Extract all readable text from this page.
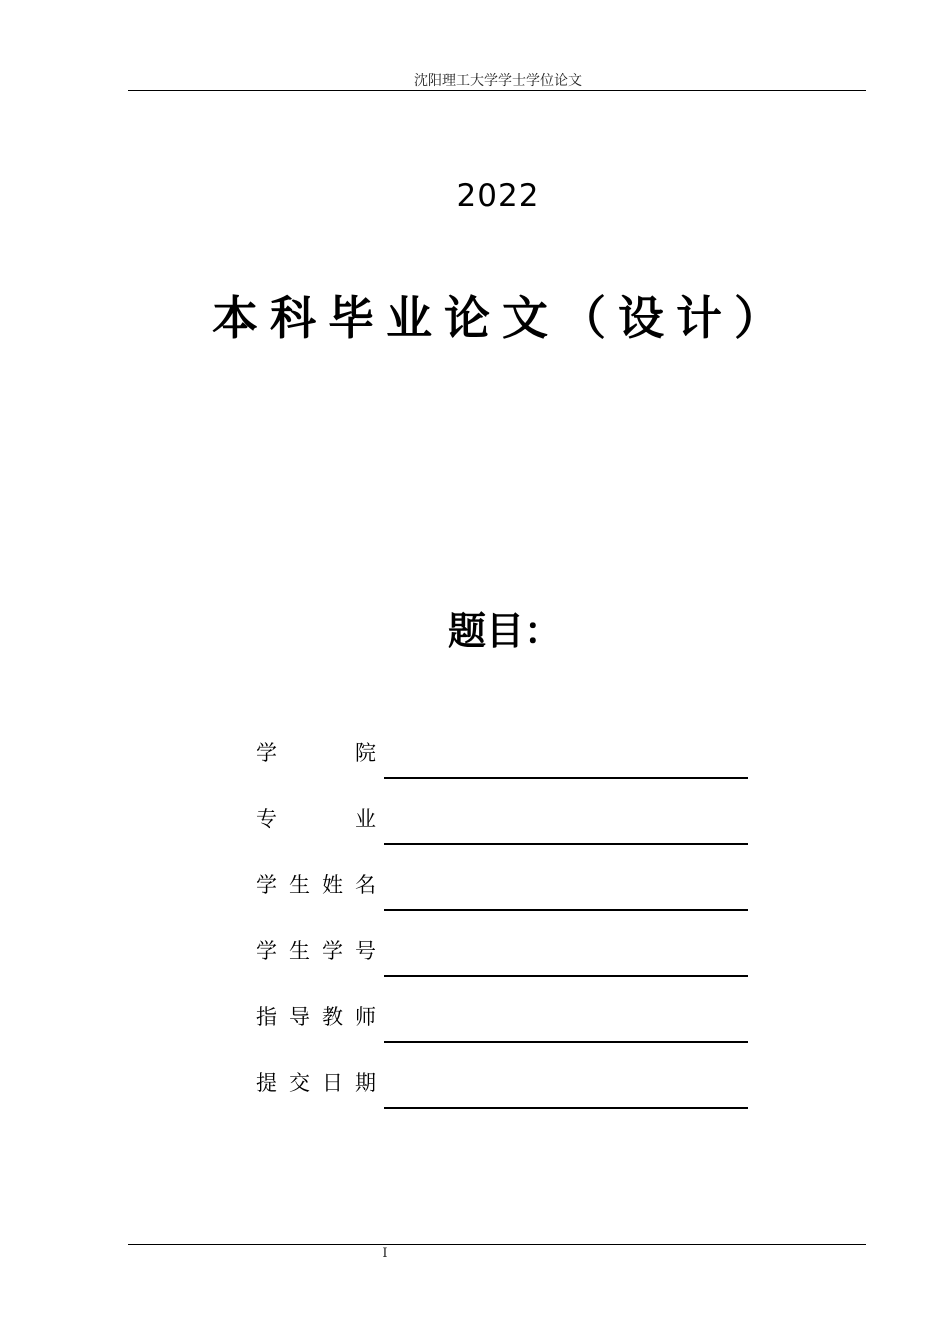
沈阳理工大学学士学位论文
2022
本科毕业论文（设计）
题目：
学	院
专	业
学 生 姓 名
学 生 学 号
指 导 教 师
提 交 日 期
I
